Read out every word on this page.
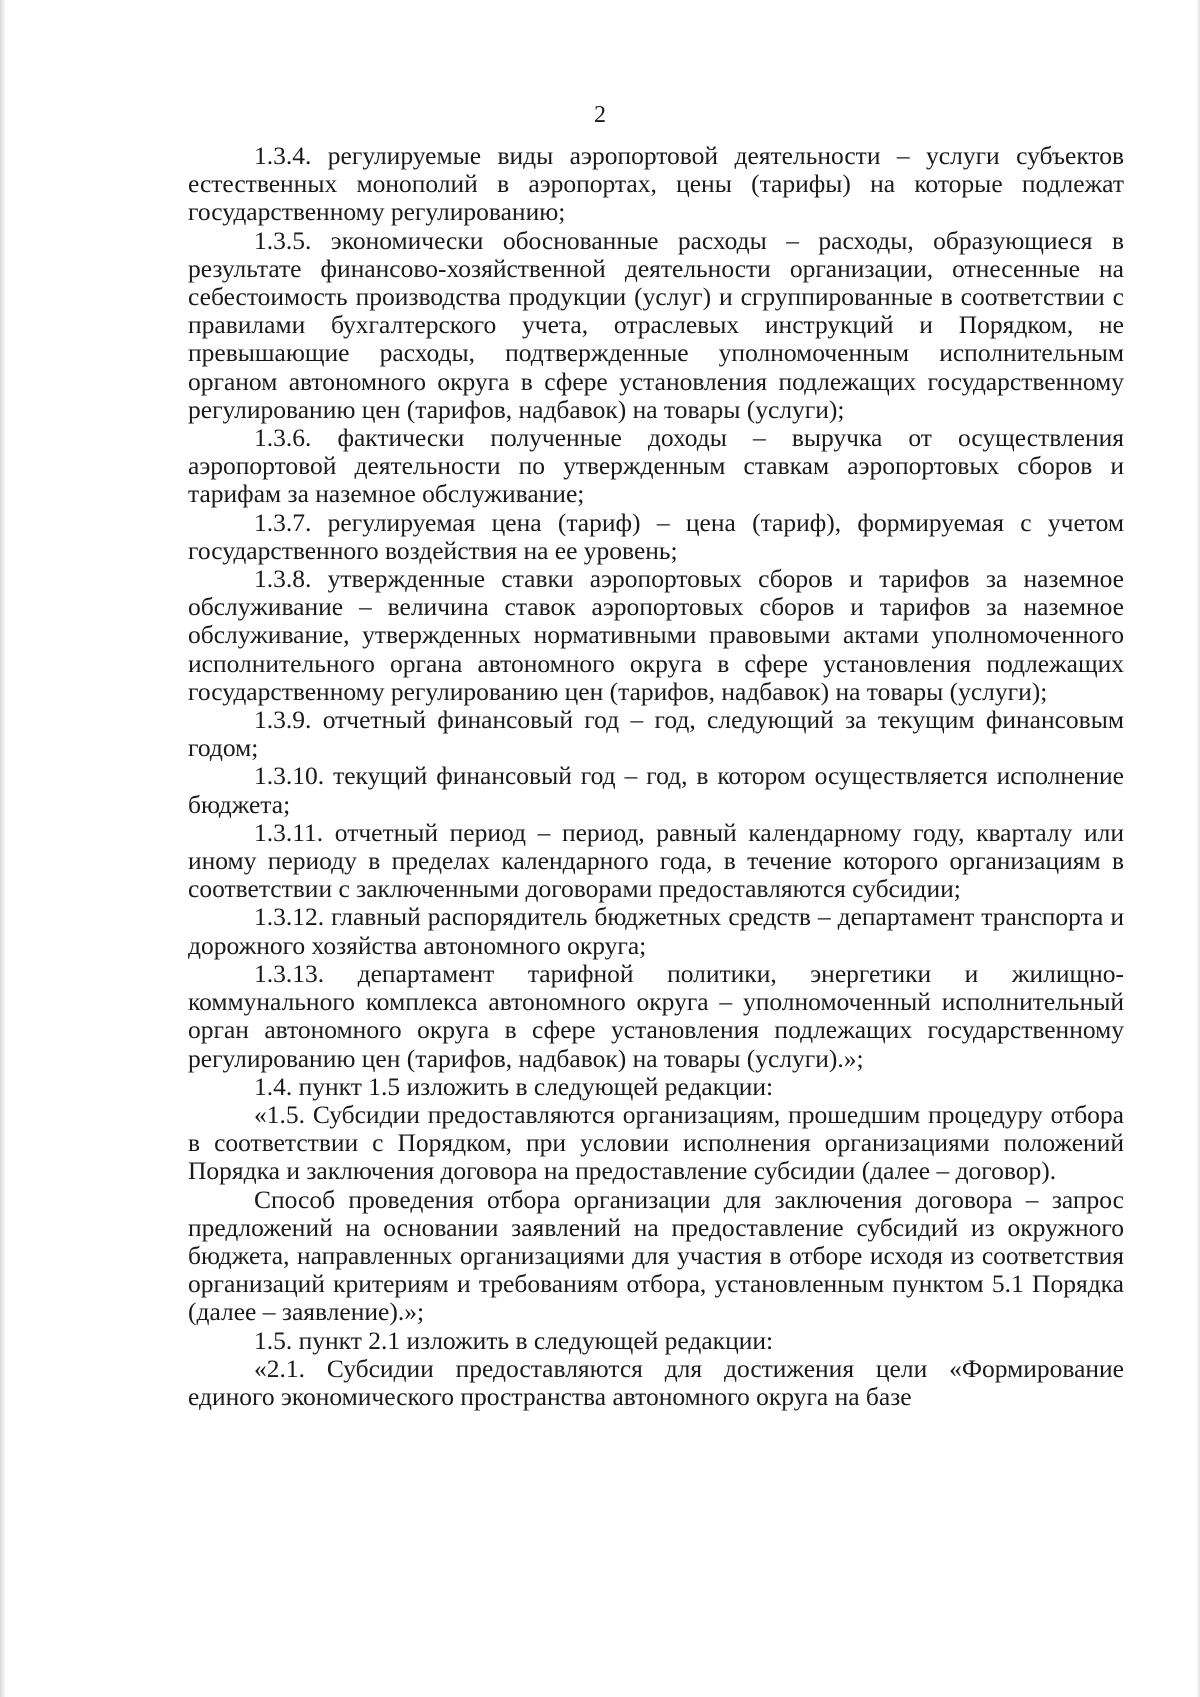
2

1.3.4. регулируемые виды аэропортовой деятельности – услуги субъектов естественных монополий в аэропортах, цены (тарифы) на которые подлежат государственному регулированию;

1.3.5. экономически обоснованные расходы – расходы, образующиеся в результате финансово-хозяйственной деятельности организации, отнесенные на себестоимость производства продукции (услуг) и сгруппированные в соответствии с правилами бухгалтерского учета, отраслевых инструкций и Порядком, не превышающие расходы, подтвержденные уполномоченным исполнительным органом автономного округа в сфере установления подлежащих государственному регулированию цен (тарифов, надбавок) на товары (услуги);

1.3.6. фактически полученные доходы – выручка от осуществления аэропортовой деятельности по утвержденным ставкам аэропортовых сборов и тарифам за наземное обслуживание;

1.3.7. регулируемая цена (тариф) – цена (тариф), формируемая с учетом государственного воздействия на ее уровень;

1.3.8. утвержденные ставки аэропортовых сборов и тарифов за наземное обслуживание – величина ставок аэропортовых сборов и тарифов за наземное обслуживание, утвержденных нормативными правовыми актами уполномоченного исполнительного органа автономного округа в сфере установления подлежащих государственному регулированию цен (тарифов, надбавок) на товары (услуги);

1.3.9. отчетный финансовый год – год, следующий за текущим финансовым годом;

1.3.10. текущий финансовый год – год, в котором осуществляется исполнение бюджета;

1.3.11. отчетный период – период, равный календарному году, кварталу или иному периоду в пределах календарного года, в течение которого организациям в соответствии с заключенными договорами предоставляются субсидии;

1.3.12. главный распорядитель бюджетных средств – департамент транспорта и дорожного хозяйства автономного округа;

1.3.13. департамент тарифной политики, энергетики и жилищно-коммунального комплекса автономного округа – уполномоченный исполнительный орган автономного округа в сфере установления подлежащих государственному регулированию цен (тарифов, надбавок) на товары (услуги).»;

1.4. пункт 1.5 изложить в следующей редакции:

«1.5. Субсидии предоставляются организациям, прошедшим процедуру отбора в соответствии с Порядком, при условии исполнения организациями положений Порядка и заключения договора на предоставление субсидии (далее – договор).

Способ проведения отбора организации для заключения договора – запрос предложений на основании заявлений на предоставление субсидий из окружного бюджета, направленных организациями для участия в отборе исходя из соответствия организаций критериям и требованиям отбора, установленным пунктом 5.1 Порядка (далее – заявление).»;

1.5. пункт 2.1 изложить в следующей редакции:

«2.1. Субсидии предоставляются для достижения цели «Формирование единого экономического пространства автономного округа на базе
